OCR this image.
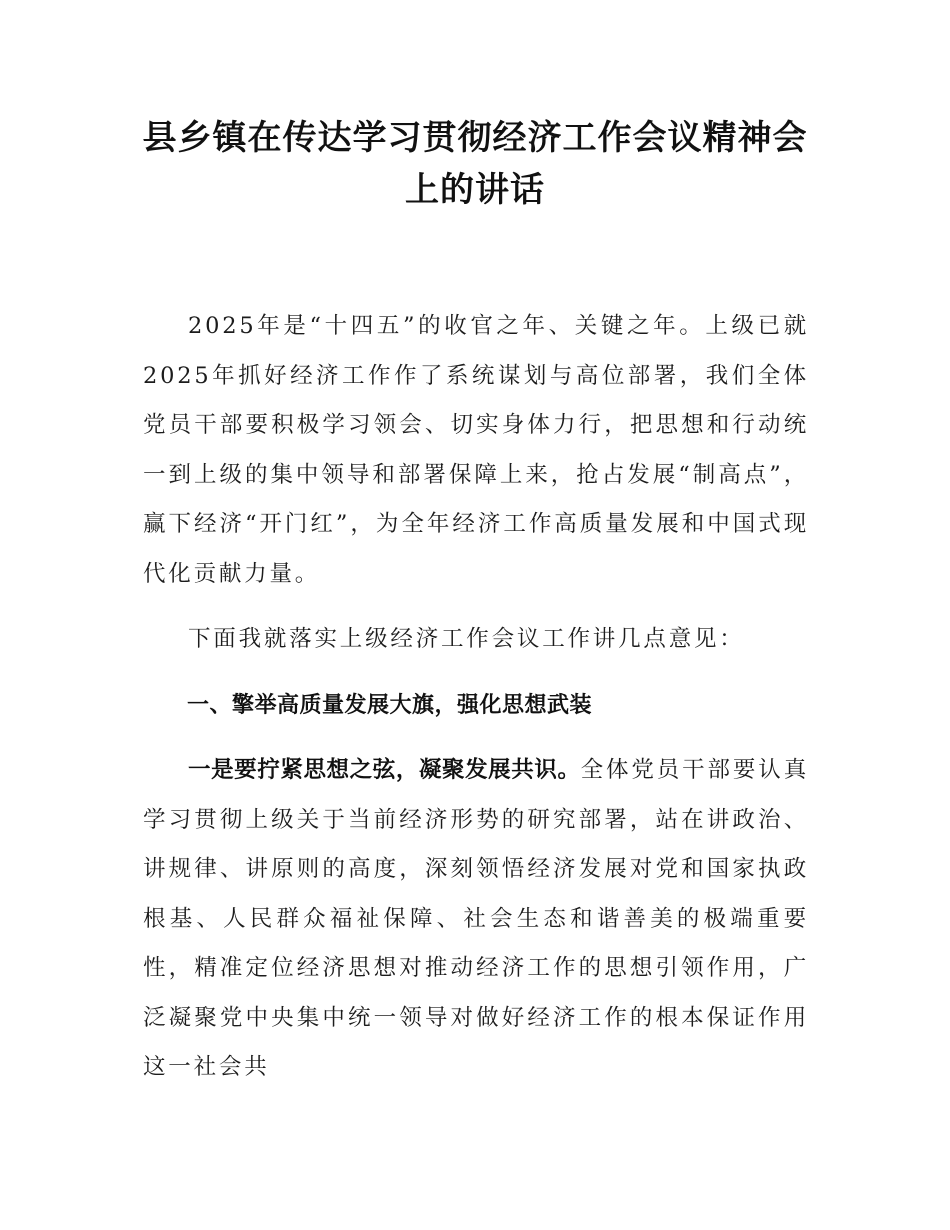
县乡镇在传达学习贯彻经济工作会议精神会
上的讲话

2025年是“十四五”的收官之年、关键之年。上级已就2025年抓好经济工作作了系统谋划与高位部署，我们全体党员干部要积极学习领会、切实身体力行，把思想和行动统一到上级的集中领导和部署保障上来，抢占发展“制高点”，赢下经济“开门红”，为全年经济工作高质量发展和中国式现代化贡献力量。

下面我就落实上级经济工作会议工作讲几点意见：

一、擎举高质量发展大旗，强化思想武装

一是要拧紧思想之弦，凝聚发展共识。全体党员干部要认真学习贯彻上级关于当前经济形势的研究部署，站在讲政治、讲规律、讲原则的高度，深刻领悟经济发展对党和国家执政根基、人民群众福祉保障、社会生态和谐善美的极端重要性，精准定位经济思想对推动经济工作的思想引领作用，广泛凝聚党中央集中统一领导对做好经济工作的根本保证作用这一社会共
